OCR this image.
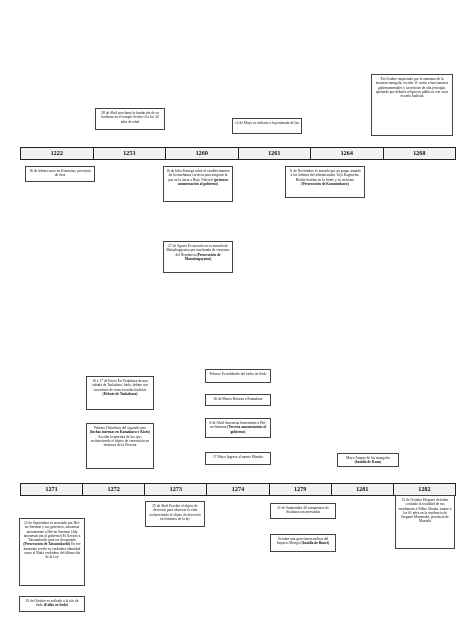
28 de Abril proclama la fundación de su budismo en el templo Seicho-Ji a los 32 años de edad	12 de Mayo es exiliado a la península de Izu
En Octubre inquietado por la amenaza de la invasión mongola, escribe 11 cartas a funcionarios gubernamentales y sacerdotes de alta jerarquía, apelando por debates religiosos públicos con otras escuela budistas
1222	1253	1260	1261	1264	1268
16 de febrero nace en Kominato, provincia de Awa
16 de Julio Entrega sobre el establecimiento de la enseñanza correcta para asegurar la paz en la tierra a Hojo Tokiyori (primera amonestación al gobierno)
27 de Agosto Es atacado en su morada de Matsubagayatsu por una banda de creyentes del Nembutsu (Persecución de Matsubagayatsu)
11 de Noviembre es atacado por un grupo armado a las órdenes del administrador Tojo Kagenobu. Recibe heridas en la frente y en un brazo (Persecución de Komatsubara)
16 y 17 de Enero En Tsukahara de una cabaña de Tsukahara, Sado, debate con sacerdotes de otras escuelas budistas (Debate de Tsukahara)
Febrero Disturbios del segundo mes (luchas internas en Kamakura y Kioto) Escribe la apertura de los ojos esclareciendo el objeto de veneración en términos de la Persona
Febrero Es indultado del exilio en Sado
26 de Marzo Retorna a Kamakura
8 de Abril Amonesta firmemente a Hei-no-Saemon (Tercera amonestación al gobierno)
17 Mayo Ingresa al monte Minobu	Mayo Ataque de los mongoles (batalla de Koan)
1271	1272	1273	1274	1279	1281	1282
12 de Septiembre es arrestado por Hei-no-Saemon y sus guerreros, amonesta nuevamente a Hei-no-Saemon (2da amonestación al gobierno) Es llevado a Tatsunokuchi para ser decapitado (Persecución de Tatsunokuchi) En ese momento revela su verdadera identidad como el Buda verdadero del último día de la Ley
10 de Octubre es exiliado a la isla de Sado (Exilio en Sado)
25 de Abril Escribe el objeto de devoción para observar la vida esclareciendo el objeto de devoción en términos de la ley
21 de Septiembre 20 campesinos de Atsuhara son arrestados
Octubre una gran fuerza militar del Imperio Mongol (batalla de Bunei)
13 de Octubre Después de haber confiado la totalidad de sus enseñanzas a Nikko Shonin, muere a los 61 años en la residencia de Ikegami Munenaka, provincia de Musashi
